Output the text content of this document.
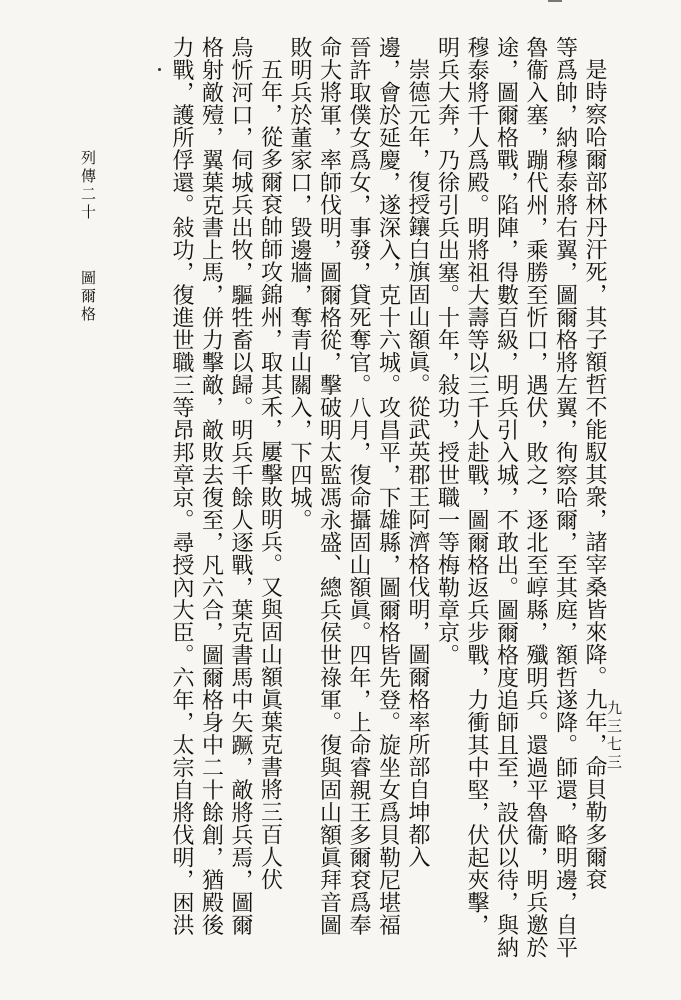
是時察哈爾部林丹汗死，其子額哲不能馭其衆，諸宰桑皆來降。九年，命貝勒多爾袞

等爲帥，納穆泰將右翼，圖爾格將左翼，徇察哈爾，至其庭，額哲遂降。師還，略明邊，自平

魯衞入塞，蹦代州，乘勝至忻口，遇伏，敗之，逐北至崞縣，殲明兵。還過平魯衞，明兵邀於

途，圖爾格戰，陷陣，得數百級，明兵引入城，不敢出。圖爾格度追師且至，設伏以待，與納

穆泰將千人爲殿。明將祖大壽等以三千人赴戰，圖爾格返兵步戰，力衝其中堅，伏起夾擊，

明兵大奔，乃徐引兵出塞。十年，敍功，授世職一等梅勒章京。

崇德元年，復授鑲白旗固山額眞。從武英郡王阿濟格伐明，圖爾格率所部自坤都入

邊，會於延慶，遂深入，克十六城。攻昌平，下雄縣，圖爾格皆先登。旋坐女爲貝勒尼堪福

晉許取僕女爲女，事發，貸死奪官。八月，復命攝固山額眞。四年，上命睿親王多爾袞爲奉

命大將軍，率師伐明，圖爾格從，擊破明太監馮永盛、總兵侯世祿軍。復與固山額眞拜音圖

敗明兵於董家口，毀邊牆，奪青山關入，下四城。

五年，從多爾袞帥師攻錦州，取其禾，屢擊敗明兵。又與固山額眞葉克書將三百人伏

烏忻河口，伺城兵出牧，驅牲畜以歸。明兵千餘人逐戰，葉克書馬中矢蹶，敵將兵焉，圖爾

格射敵殪，翼葉克書上馬，併力擊敵，敵敗去復至，凡六合，圖爾格身中二十餘創，猶殿後

力戰，護所俘還。敍功，復進世職三等昂邦章京。尋授內大臣。六年，太宗自將伐明，困洪

列傳二十
圖爾格
九三七三
